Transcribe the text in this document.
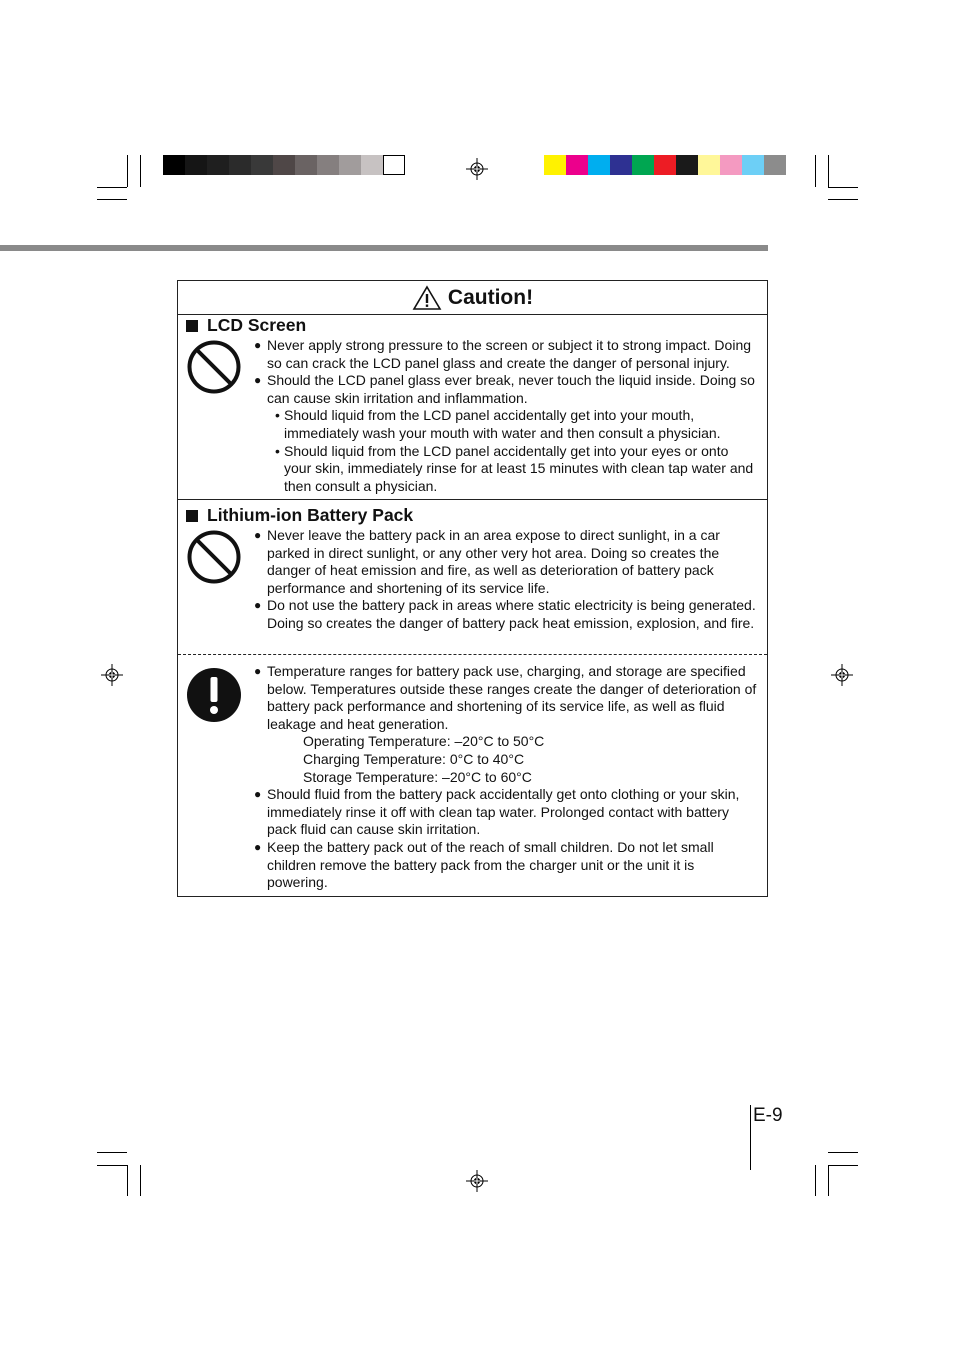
Caution!
LCD Screen
● Never apply strong pressure to the screen or subject it to strong impact. Doing so can crack the LCD panel glass and create the danger of personal injury.
● Should the LCD panel glass ever break, never touch the liquid inside. Doing so can cause skin irritation and inflammation.
• Should liquid from the LCD panel accidentally get into your mouth, immediately wash your mouth with water and then consult a physician.
• Should liquid from the LCD panel accidentally get into your eyes or onto your skin, immediately rinse for at least 15 minutes with clean tap water and then consult a physician.
Lithium-ion Battery Pack
● Never leave the battery pack in an area expose to direct sunlight, in a car parked in direct sunlight, or any other very hot area. Doing so creates the danger of heat emission and fire, as well as deterioration of battery pack performance and shortening of its service life.
● Do not use the battery pack in areas where static electricity is being generated. Doing so creates the danger of battery pack heat emission, explosion, and fire.
● Temperature ranges for battery pack use, charging, and storage are specified below. Temperatures outside these ranges create the danger of deterioration of battery pack performance and shortening of its service life, as well as fluid leakage and heat generation.
Operating Temperature: –20°C to 50°C
Charging Temperature: 0°C to 40°C
Storage Temperature: –20°C to 60°C
● Should fluid from the battery pack accidentally get onto clothing or your skin, immediately rinse it off with clean tap water. Prolonged contact with battery pack fluid can cause skin irritation.
● Keep the battery pack out of the reach of small children. Do not let small children remove the battery pack from the charger unit or the unit it is powering.
E-9
